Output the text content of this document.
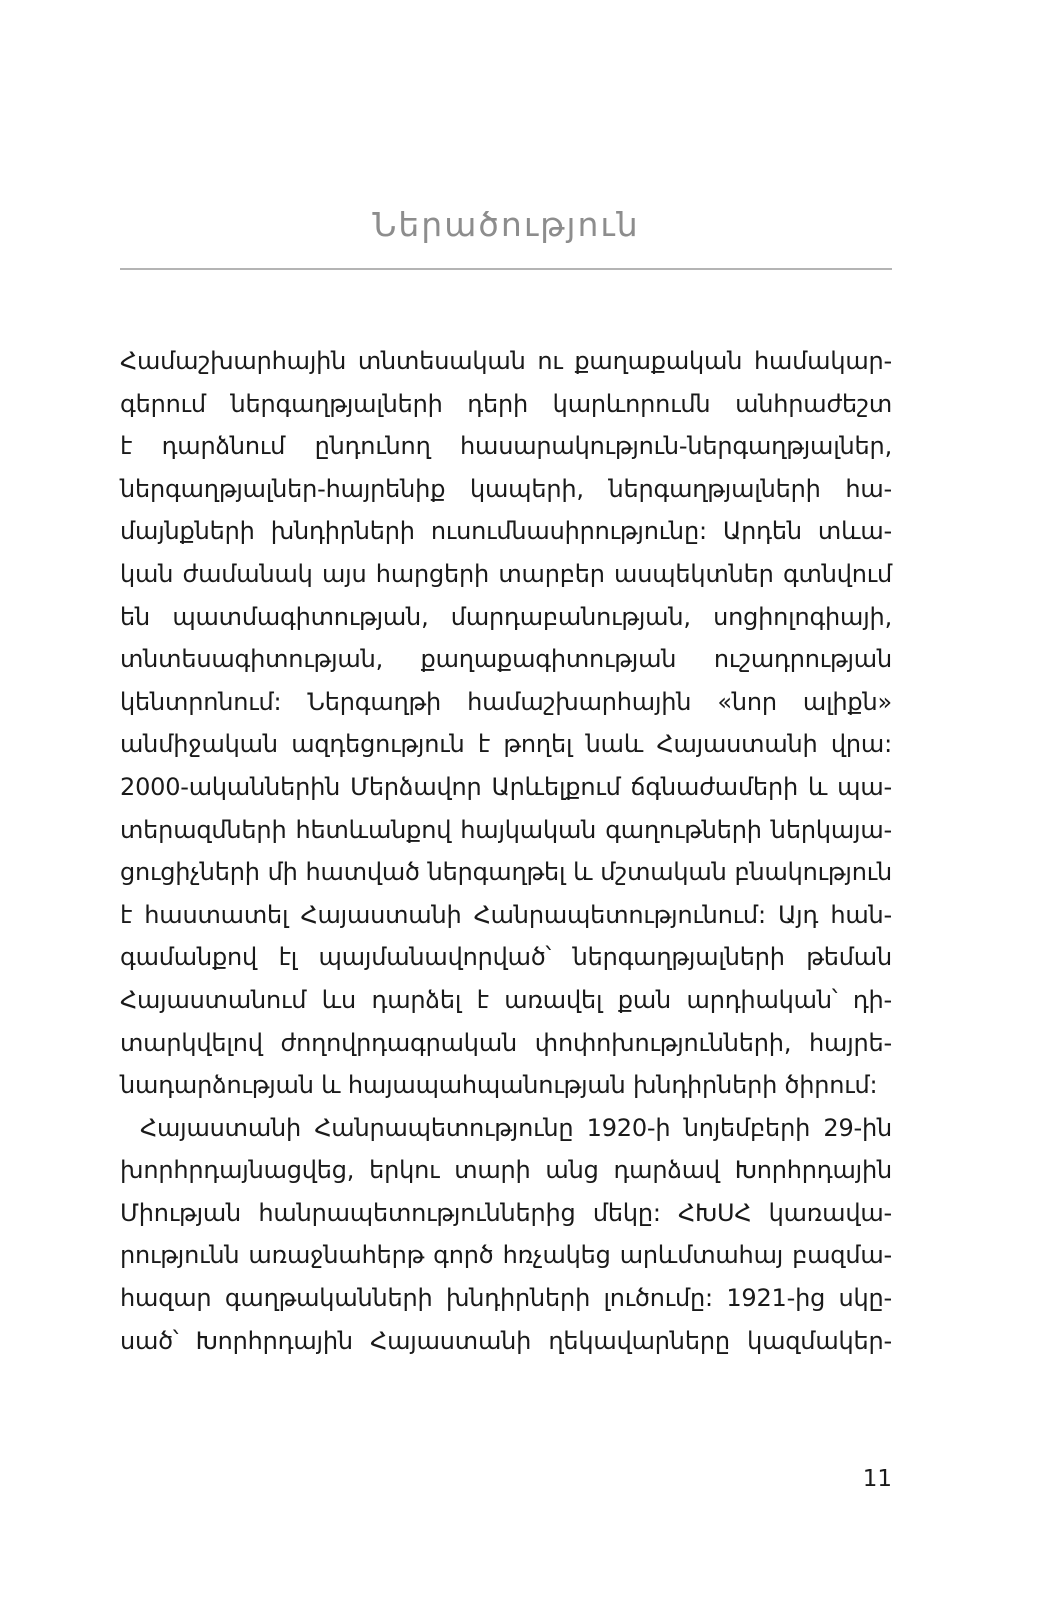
Ներածություն
Համաշխարհային տնտեսական ու քաղաքական համակար-
գերում ներգաղթյալների դերի կարևորումն անհրաժեշտ
է դարձնում ընդունող հասարակություն-ներգաղթյալներ,
ներգաղթյալներ-հայրենիք կապերի, ներգաղթյալների հա-
մայնքների խնդիրների ուսումնասիրությունը: Արդեն տևա-
կան ժամանակ այս հարցերի տարբեր ասպեկտներ գտնվում
են պատմագիտության, մարդաբանության, սոցիոլոգիայի,
տնտեսագիտության, քաղաքագիտության ուշադրության
կենտրոնում: Ներգաղթի համաշխարհային «նոր ալիքն»
անմիջական ազդեցություն է թողել նաև Հայաստանի վրա:
2000-ականներին Մերձավոր Արևելքում ճգնաժամերի և պա-
տերազմների հետևանքով հայկական գաղութների ներկայա-
ցուցիչների մի հատված ներգաղթել և մշտական բնակություն
է հաստատել Հայաստանի Հանրապետությունում: Այդ հան-
գամանքով էլ պայմանավորված՝ ներգաղթյալների թեման
Հայաստանում ևս դարձել է առավել քան արդիական՝ դի-
տարկվելով ժողովրդագրական փոփոխությունների, հայրե-
նադարձության և հայապահպանության խնդիրների ծիրում:
Հայաստանի Հանրապետությունը 1920-ի նոյեմբերի 29-ին
խորհրդայնացվեց, երկու տարի անց դարձավ Խորհրդային
Միության հանրապետություններից մեկը: ՀԽՍՀ կառավա-
րությունն առաջնահերթ գործ հռչակեց արևմտահայ բազմա-
հազար գաղթականների խնդիրների լուծումը: 1921-ից սկը-
սած՝ Խորհրդային Հայաստանի ղեկավարները կազմակեր-

11
